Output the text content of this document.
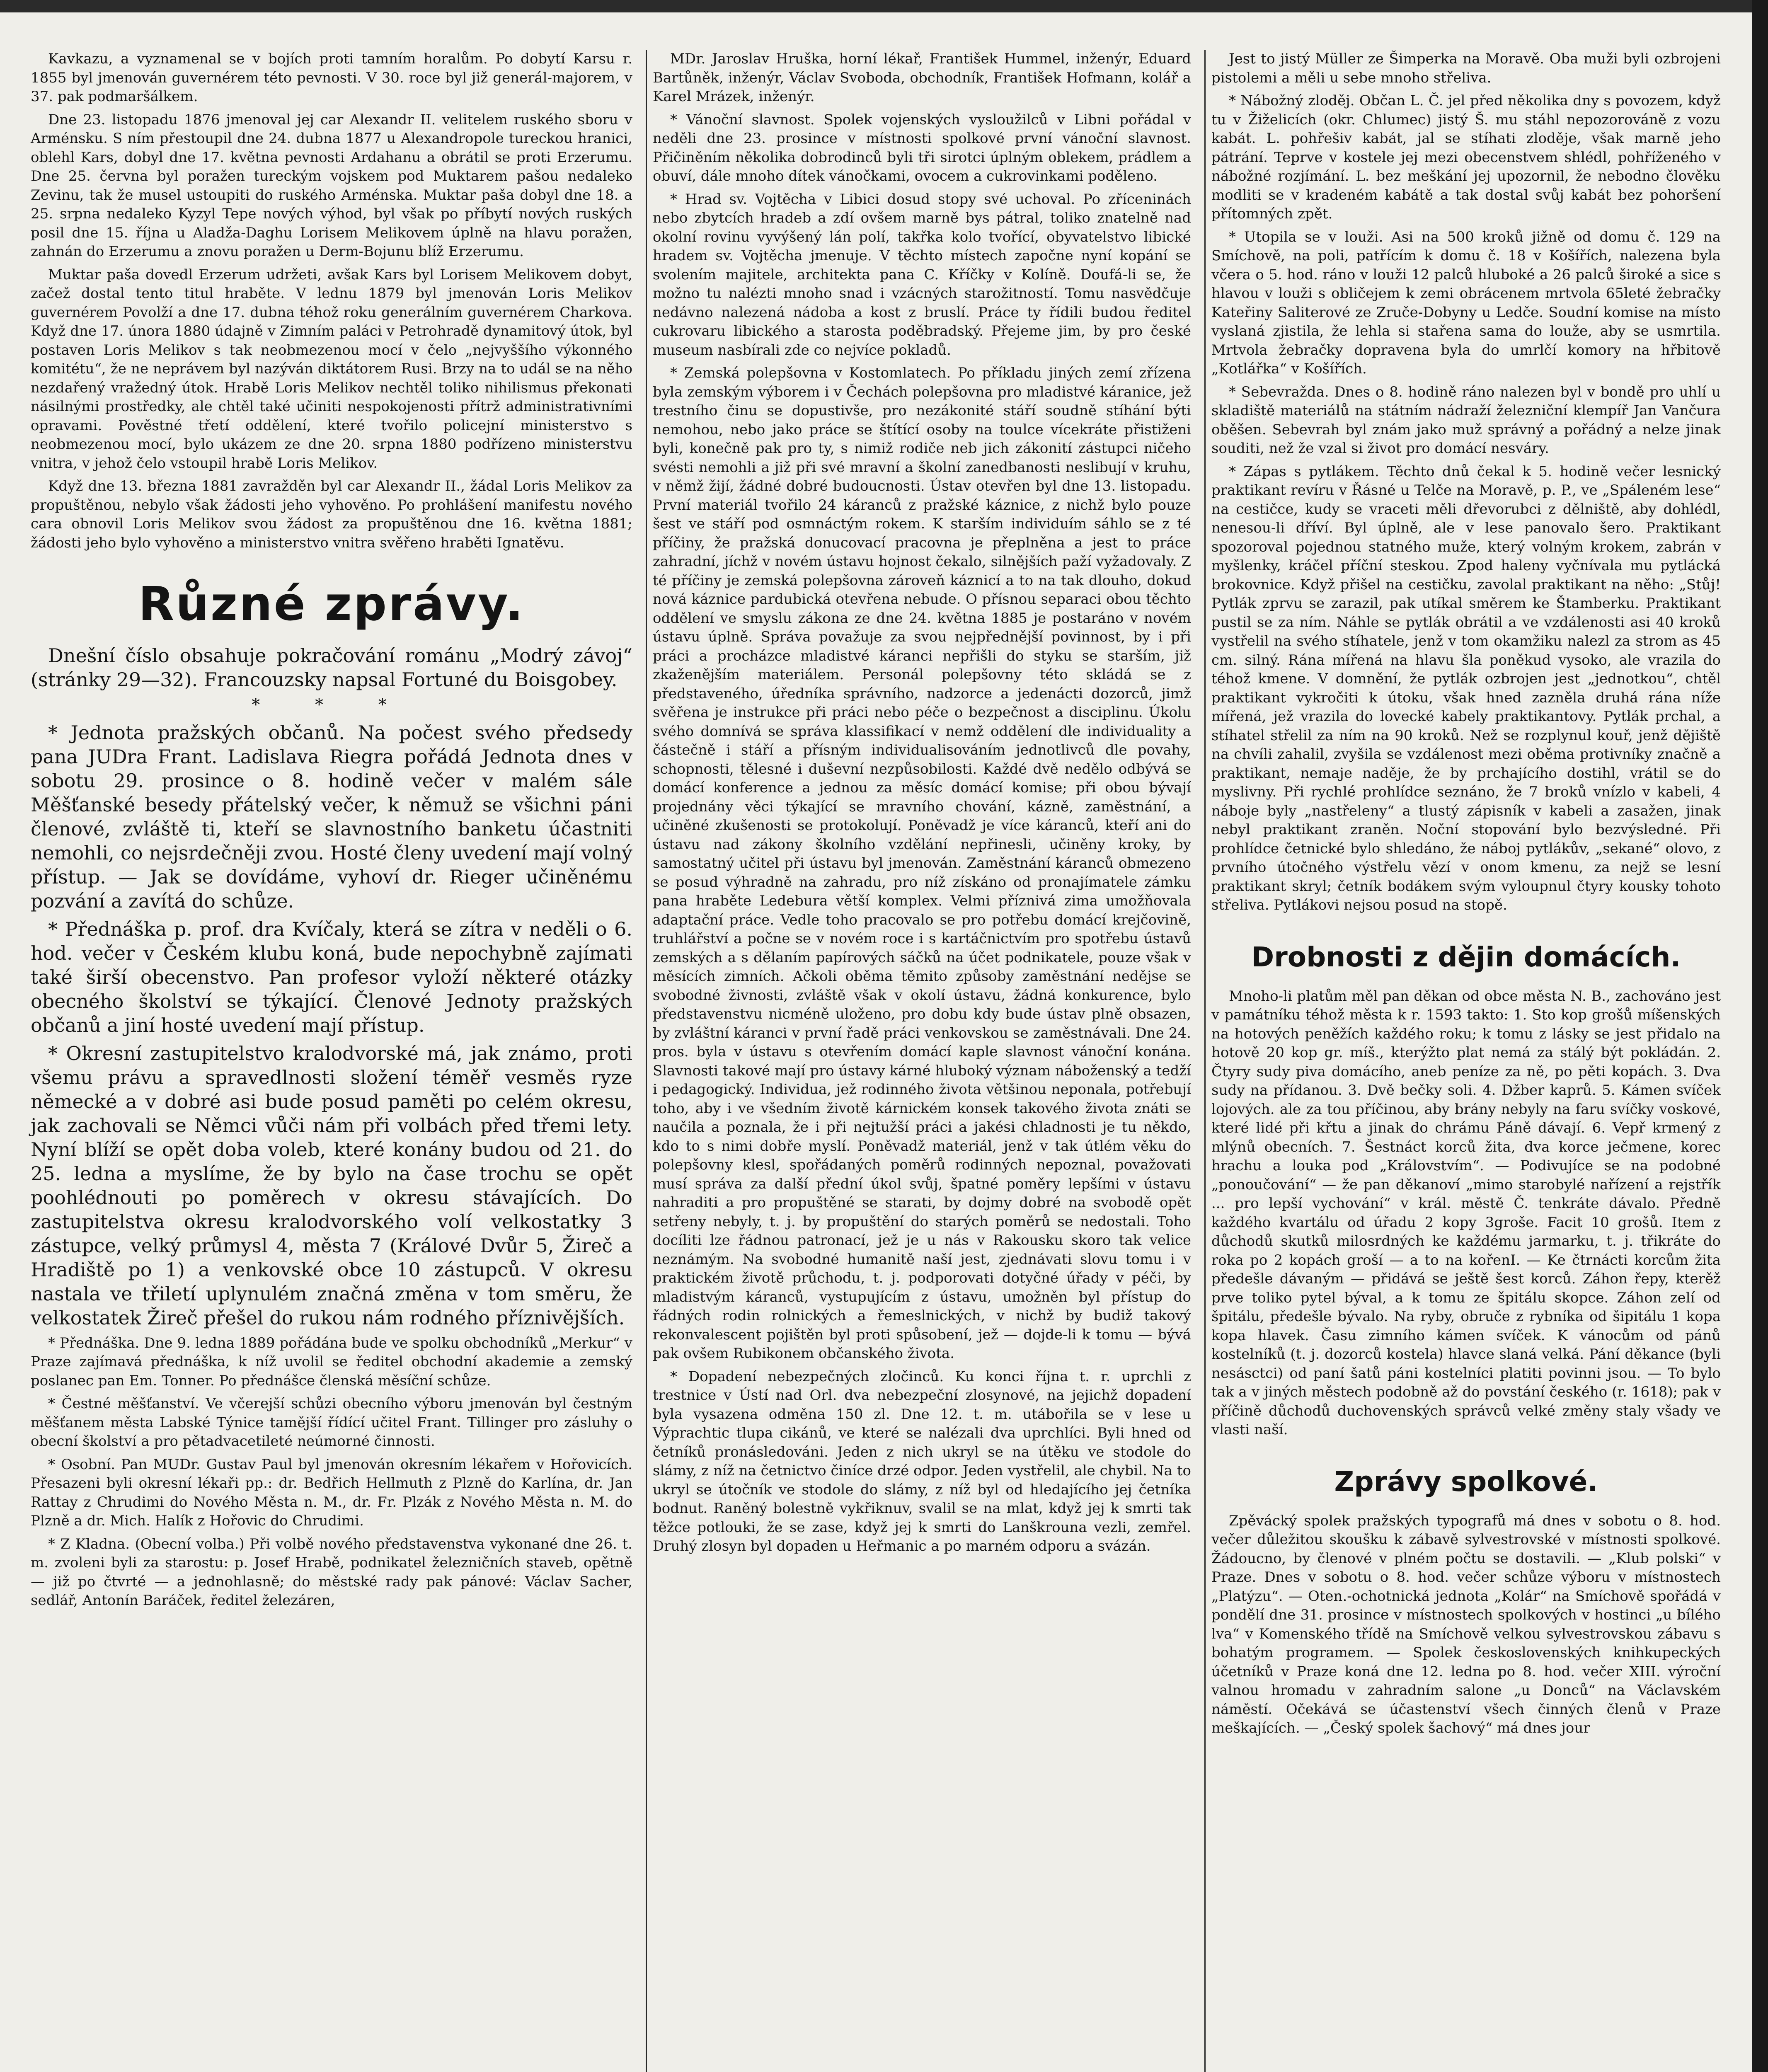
Kavkazu, a vyznamenal se v bojích proti tamním horalům. Po dobytí Karsu r. 1855 byl jmenován guvernérem této pevnosti. V 30. roce byl již generál-majorem, v 37. pak podmaršálkem.

Dne 23. listopadu 1876 jmenoval jej car Alexandr II. velitelem ruského sboru v Arménsku. S ním přestoupil dne 24. dubna 1877 u Alexandropole tureckou hranici, oblehl Kars, dobyl dne 17. května pevnosti Ardahanu a obrátil se proti Erzerumu. Dne 25. června byl poražen tureckým vojskem pod Muktarem pašou nedaleko Zevinu, tak že musel ustoupiti do ruského Arménska. Muktar paša dobyl dne 18. a 25. srpna nedaleko Kyzyl Tepe nových výhod, byl však po příbytí nových ruských posil dne 15. října u Aladža-Daghu Lorisem Melikovem úplně na hlavu poražen, zahnán do Erzerumu a znovu poražen u Derm-Bojunu blíž Erzerumu.

Muktar paša dovedl Erzerum udržeti, avšak Kars byl Lorisem Melikovem dobyt, začež dostal tento titul hraběte. V lednu 1879 byl jmenován Loris Melikov guvernérem Povolží a dne 17. dubna téhož roku generálním guvernérem Charkova. Když dne 17. února 1880 údajně v Zimním paláci v Petrohradě dynamitový útok, byl postaven Loris Melikov s tak neobmezenou mocí v čelo „nejvyššího výkonného komitétu“, že ne neprávem byl nazýván diktátorem Rusi. Brzy na to udál se na něho nezdařený vražedný útok. Hrabě Loris Melikov nechtěl toliko nihilismus překonati násilnými prostředky, ale chtěl také učiniti nespokojenosti přítrž administrativními opravami. Pověstné třetí oddělení, které tvořilo policejní ministerstvo s neobmezenou mocí, bylo ukázem ze dne 20. srpna 1880 podřízeno ministerstvu vnitra, v jehož čelo vstoupil hrabě Loris Melikov.

Když dne 13. března 1881 zavražděn byl car Alexandr II., žádal Loris Melikov za propuštěnou, nebylo však žádosti jeho vyhověno. Po prohlášení manifestu nového cara obnovil Loris Melikov svou žádost za propuštěnou dne 16. května 1881; žádosti jeho bylo vyhověno a ministerstvo vnitra svěřeno hraběti Ignatěvu.

Různé zprávy.

Dnešní číslo obsahuje pokračování románu „Modrý závoj“ (stránky 29—32). Francouzsky napsal Fortuné du Boisgobey.

* * *

* Jednota pražských občanů. Na počest svého předsedy pana JUDra Frant. Ladislava Riegra pořádá Jednota dnes v sobotu 29. prosince o 8. hodině večer v malém sále Měšťanské besedy přátelský večer, k němuž se všichni páni členové, zvláště ti, kteří se slavnostního banketu účastniti nemohli, co nejsrdečněji zvou. Hosté členy uvedení mají volný přístup. — Jak se dovídáme, vyhoví dr. Rieger učiněnému pozvání a zavítá do schůze.

* Přednáška p. prof. dra Kvíčaly, která se zítra v neděli o 6. hod. večer v Českém klubu koná, bude nepochybně zajímati také širší obecenstvo. Pan profesor vyloží některé otázky obecného školství se týkající. Členové Jednoty pražských občanů a jiní hosté uvedení mají přístup.

* Okresní zastupitelstvo kralodvorské má, jak známo, proti všemu právu a spravedlnosti složení téměř vesměs ryze německé a v dobré asi bude posud paměti po celém okresu, jak zachovali se Němci vůči nám při volbách před třemi lety. Nyní blíží se opět doba voleb, které konány budou od 21. do 25. ledna a myslíme, že by bylo na čase trochu se opět poohlédnouti po poměrech v okresu stávajících. Do zastupitelstva okresu kralodvorského volí velkostatky 3 zástupce, velký průmysl 4, města 7 (Králové Dvůr 5, Žireč a Hradiště po 1) a venkovské obce 10 zástupců. V okresu nastala ve třiletí uplynulém značná změna v tom směru, že velkostatek Žireč přešel do rukou nám rodného příznivějších.

* Přednáška. Dne 9. ledna 1889 pořádána bude ve spolku obchodníků „Merkur“ v Praze zajímavá přednáška, k níž uvolil se ředitel obchodní akademie a zemský poslanec pan Em. Tonner. Po přednášce členská měsíční schůze.

* Čestné měšťanství. Ve včerejší schůzi obecního výboru jmenován byl čestným měšťanem města Labské Týnice tamější řídící učitel Frant. Tillinger pro zásluhy o obecní školství a pro pětadvacetileté neúmorné činnosti.

* Osobní. Pan MUDr. Gustav Paul byl jmenován okresním lékařem v Hořovicích. Přesazeni byli okresní lékaři pp.: dr. Bedřich Hellmuth z Plzně do Karlína, dr. Jan Rattay z Chrudimi do Nového Města n. M., dr. Fr. Plzák z Nového Města n. M. do Plzně a dr. Mich. Halík z Hořovic do Chrudimi.

* Z Kladna. (Obecní volba.) Při volbě nového představenstva vykonané dne 26. t. m. zvoleni byli za starostu: p. Josef Hrabě, podnikatel železničních staveb, opětně — již po čtvrté — a jednohlasně; do městské rady pak pánové: Václav Sacher, sedlář, Antonín Baráček, ředitel železáren,

MDr. Jaroslav Hruška, horní lékař, František Hummel, inženýr, Eduard Bartůněk, inženýr, Václav Svoboda, obchodník, František Hofmann, kolář a Karel Mrázek, inženýr.

* Vánoční slavnost. Spolek vojenských vysloužilců v Libni pořádal v neděli dne 23. prosince v místnosti spolkové první vánoční slavnost. Přičiněním několika dobrodinců byli tři sirotci úplným oblekem, prádlem a obuví, dále mnoho dítek vánočkami, ovocem a cukrovinkami poděleno.

* Hrad sv. Vojtěcha v Libici dosud stopy své uchoval. Po zříceninách nebo zbytcích hradeb a zdí ovšem marně bys pátral, toliko znatelně nad okolní rovinu vyvýšený lán polí, takřka kolo tvořící, obyvatelstvo libické hradem sv. Vojtěcha jmenuje. V těchto místech započne nyní kopání se svolením majitele, architekta pana C. Kříčky v Kolíně. Doufá-li se, že možno tu nalézti mnoho snad i vzácných starožitností. Tomu nasvědčuje nedávno nalezená nádoba a kost z bruslí. Práce ty řídili budou ředitel cukrovaru libického a starosta poděbradský. Přejeme jim, by pro české museum nasbírali zde co nejvíce pokladů.

* Zemská polepšovna v Kostomlatech. Po příkladu jiných zemí zřízena byla zemským výborem i v Čechách polepšovna pro mladistvé káranice, jež trestního činu se dopustivše, pro nezákonité stáří soudně stíhání býti nemohou, nebo jako práce se štítící osoby na toulce vícekráte přistiženi byli, konečně pak pro ty, s nimiž rodiče neb jich zákonití zástupci ničeho svésti nemohli a již při své mravní a školní zanedbanosti neslibují v kruhu, v němž žijí, žádné dobré budoucnosti. Ústav otevřen byl dne 13. listopadu. První materiál tvořilo 24 káranců z pražské káznice, z nichž bylo pouze šest ve stáří pod osmnáctým rokem. K starším individuím sáhlo se z té příčiny, že pražská donucovací pracovna je přeplněna a jest to práce zahradní, jíchž v novém ústavu hojnost čekalo, silnějších paží vyžadovaly. Z té příčiny je zemská polepšovna zároveň káznicí a to na tak dlouho, dokud nová káznice pardubická otevřena nebude. O přísnou separaci obou těchto oddělení ve smyslu zákona ze dne 24. května 1885 je postaráno v novém ústavu úplně. Správa považuje za svou nejpřednější povinnost, by i při práci a procházce mladistvé káranci nepřišli do styku se starším, již zkaženějším materiálem. Personál polepšovny této skládá se z představeného, úředníka správního, nadzorce a jedenácti dozorců, jimž svěřena je instrukce při práci nebo péče o bezpečnost a disciplinu. Úkolu svého domnívá se správa klassifikací v nemž oddělení dle individuality a částečně i stáří a přísným individualisováním jednotlivců dle povahy, schopnosti, tělesné i duševní nezpůsobilosti. Každé dvě nedělo odbývá se domácí konference a jednou za měsíc domácí komise; při obou bývají projednány věci týkající se mravního chování, kázně, zaměstnání, a učiněné zkušenosti se protokolují. Poněvadž je více káranců, kteří ani do ústavu nad zákony školního vzdělání nepřinesli, učiněny kroky, by samostatný učitel při ústavu byl jmenován. Zaměstnání káranců obmezeno se posud výhradně na zahradu, pro níž získáno od pronajímatele zámku pana hraběte Ledebura větší komplex. Velmi příznivá zima umožňovala adaptační práce. Vedle toho pracovalo se pro potřebu domácí krejčovině, truhlářství a počne se v novém roce i s kartáčnictvím pro spotřebu ústavů zemských a s dělaním papírových sáčků na účet podnikatele, pouze však v měsících zimních. Ačkoli oběma těmito způsoby zaměstnání nedějse se svobodné živnosti, zvláště však v okolí ústavu, žádná konkurence, bylo představenstvu nicméně uloženo, pro dobu kdy bude ústav plně obsazen, by zvláštní káranci v první řadě práci venkovskou se zaměstnávali. Dne 24. pros. byla v ústavu s otevřením domácí kaple slavnost vánoční konána. Slavnosti takové mají pro ústavy kárné hluboký význam náboženský a tedží i pedagogický. Individua, jež rodinného života většinou neponala, potřebují toho, aby i ve všedním životě kárnickém konsek takového života znáti se naučila a poznala, že i při nejtužší práci a jakési chladnosti je tu někdo, kdo to s nimi dobře myslí. Poněvadž materiál, jenž v tak útlém věku do polepšovny klesl, spořádaných poměrů rodinných nepoznal, považovati musí správa za další přední úkol svůj, špatné poměry lepšími v ústavu nahraditi a pro propuštěné se starati, by dojmy dobré na svobodě opět setřeny nebyly, t. j. by propuštění do starých poměrů se nedostali. Toho docíliti lze řádnou patronací, jež je u nás v Rakousku skoro tak velice neznámým. Na svobodné humanitě naší jest, zjednávati slovu tomu i v praktickém životě průchodu, t. j. podporovati dotyčné úřady v péči, by mladistvým káranců, vystupujícím z ústavu, umožněn byl přístup do řádných rodin rolnických a řemeslnických, v nichž by budiž takový rekonvalescent pojištěn byl proti spůsobení, jež — dojde-li k tomu — bývá pak ovšem Rubikonem občanského života.

* Dopadení nebezpečných zločinců. Ku konci října t. r. uprchli z trestnice v Ústí nad Orl. dva nebezpeční zlosynové, na jejichž dopadení byla vysazena odměna 150 zl. Dne 12. t. m. utábořila se v lese u Výprachtic tlupa cikánů, ve které se nalézali dva uprchlíci. Byli hned od četníků pronásledováni. Jeden z nich ukryl se na útěku ve stodole do slámy, z níž na četnictvo činíce drzé odpor. Jeden vystřelil, ale chybil. Na to ukryl se útočník ve stodole do slámy, z níž byl od hledajícího jej četníka bodnut. Raněný bolestně vykřiknuv, svalil se na mlat, když jej k smrti tak těžce potlouki, že se zase, když jej k smrti do Lanškrouna vezli, zemřel. Druhý zlosyn byl dopaden u Heřmanic a po marném odporu a svázán.

Jest to jistý Müller ze Šimperka na Moravě. Oba muži byli ozbrojeni pistolemi a měli u sebe mnoho střeliva.

* Nábožný zloděj. Občan L. Č. jel před několika dny s povozem, když tu v Žiželicích (okr. Chlumec) jistý Š. mu stáhl nepozorováně z vozu kabát. L. pohřešiv kabát, jal se stíhati zloděje, však marně jeho pátrání. Teprve v kostele jej mezi obecenstvem shlédl, pohříženého v nábožné rozjímání. L. bez meškání jej upozornil, že nebodno člověku modliti se v kradeném kabátě a tak dostal svůj kabát bez pohoršení přítomných zpět.

* Utopila se v louži. Asi na 500 kroků jižně od domu č. 129 na Smíchově, na poli, patřícím k domu č. 18 v Košířích, nalezena byla včera o 5. hod. ráno v louži 12 palců hluboké a 26 palců široké a sice s hlavou v louži s obličejem k zemi obrácenem mrtvola 65leté žebračky Kateřiny Saliterové ze Zruče-Dobyny u Ledče. Soudní komise na místo vyslaná zjistila, že lehla si stařena sama do louže, aby se usmrtila. Mrtvola žebračky dopravena byla do umrlčí komory na hřbitově „Kotlářka“ v Košířích.

* Sebevražda. Dnes o 8. hodině ráno nalezen byl v bondě pro uhlí u skladiště materiálů na státním nádraží železniční klempíř Jan Vančura oběšen. Sebevrah byl znám jako muž správný a pořádný a nelze jinak souditi, než že vzal si život pro domácí nesváry.

* Zápas s pytlákem. Těchto dnů čekal k 5. hodině večer lesnický praktikant revíru v Řásné u Telče na Moravě, p. P., ve „Spáleném lese“ na cestičce, kudy se vraceti měli dřevorubci z dělniště, aby dohlédl, nenesou-li dříví. Byl úplně, ale v lese panovalo šero. Praktikant spozoroval pojednou statného muže, který volným krokem, zabrán v myšlenky, kráčel příční steskou. Zpod haleny vyčnívala mu pytlácká brokovnice. Když přišel na cestičku, zavolal praktikant na něho: „Stůj! Pytlák zprvu se zarazil, pak utíkal směrem ke Štamberku. Praktikant pustil se za ním. Náhle se pytlák obrátil a ve vzdálenosti asi 40 kroků vystřelil na svého stíhatele, jenž v tom okamžiku nalezl za strom as 45 cm. silný. Rána mířená na hlavu šla poněkud vysoko, ale vrazila do téhož kmene. V domnění, že pytlák ozbrojen jest „jednotkou“, chtěl praktikant vykročiti k útoku, však hned zazněla druhá rána níže mířená, jež vrazila do lovecké kabely praktikantovy. Pytlák prchal, a stíhatel střelil za ním na 90 kroků. Než se rozplynul kouř, jenž dějiště na chvíli zahalil, zvyšila se vzdálenost mezi oběma protivníky značně a praktikant, nemaje naděje, že by prchajícího dostihl, vrátil se do myslivny. Při rychlé prohlídce seznáno, že 7 broků vnízlo v kabeli, 4 náboje byly „nastřeleny“ a tlustý zápisník v kabeli a zasažen, jinak nebyl praktikant zraněn. Noční stopování bylo bezvýsledné. Při prohlídce četnické bylo shledáno, že náboj pytlákův, „sekané“ olovo, z prvního útočného výstřelu vězí v onom kmenu, za nejž se lesní praktikant skryl; četník bodákem svým vyloupnul čtyry kousky tohoto střeliva. Pytlákovi nejsou posud na stopě.

Drobnosti z dějin domácích.

Mnoho-li platům měl pan děkan od obce města N. B., zachováno jest v památníku téhož města k r. 1593 takto: 1. Sto kop grošů míšenských na hotových peněžích každého roku; k tomu z lásky se jest přidalo na hotově 20 kop gr. míš., kterýžto plat nemá za stálý být pokládán. 2. Čtyry sudy piva domácího, aneb peníze za ně, po pěti kopách. 3. Dva sudy na přídanou. 3. Dvě bečky soli. 4. Džber kaprů. 5. Kámen svíček lojových. ale za tou příčinou, aby brány nebyly na faru svíčky voskové, které lidé při křtu a jinak do chrámu Páně dávají. 6. Vepř krmený z mlýnů obecních. 7. Šestnáct korců žita, dva korce ječmene, korec hrachu a louka pod „Královstvím“. — Podivujíce se na podobné „ponoučování“ — že pan děkanoví „mimo starobylé nařízení a rejstřík ... pro lepší vychování“ v král. městě Č. tenkráte dávalo. Předně každého kvartálu od úřadu 2 kopy 3groše. Facit 10 grošů. Item z důchodů skutků milosrdných ke každému jarmarku, t. j. třikráte do roka po 2 kopách groší — a to na kořenI. — Ke čtrnácti korcům žita předešle dávaným — přidává se ještě šest korců. Záhon řepy, kterěž prve toliko pytel býval, a k tomu ze špitálu skopce. Záhon zelí od špitálu, předešle bývalo. Na ryby, obruče z rybníka od šipitálu 1 kopa kopa hlavek. Času zimního kámen svíček. K vánocům od pánů kostelníků (t. j. dozorců kostela) hlavce slaná velká. Pání děkance (byli nesásctci) od paní šatů páni kostelníci platiti povinni jsou. — To bylo tak a v jiných městech podobně až do povstání českého (r. 1618); pak v příčině důchodů duchovenských správců velké změny staly všady ve vlasti naší.

Zprávy spolkové.

Zpěvácký spolek pražských typografů má dnes v sobotu o 8. hod. večer důležitou skoušku k zábavě sylvestrovské v místnosti spolkové. Žádoucno, by členové v plném počtu se dostavili. — „Klub polski“ v Praze. Dnes v sobotu o 8. hod. večer schůze výboru v místnostech „Platýzu“. — Oten.-ochotnická jednota „Kolár“ na Smíchově spořádá v pondělí dne 31. prosince v místnostech spolkových v hostinci „u bílého lva“ v Komenského třídě na Smíchově velkou sylvestrovskou zábavu s bohatým programem. — Spolek československých knihkupeckých účetníků v Praze koná dne 12. ledna po 8. hod. večer XIII. výroční valnou hromadu v zahradním salone „u Donců“ na Václavském náměstí. Očekává se účastenství všech činných členů v Praze meškajících. — „Český spolek šachový“ má dnes jour
